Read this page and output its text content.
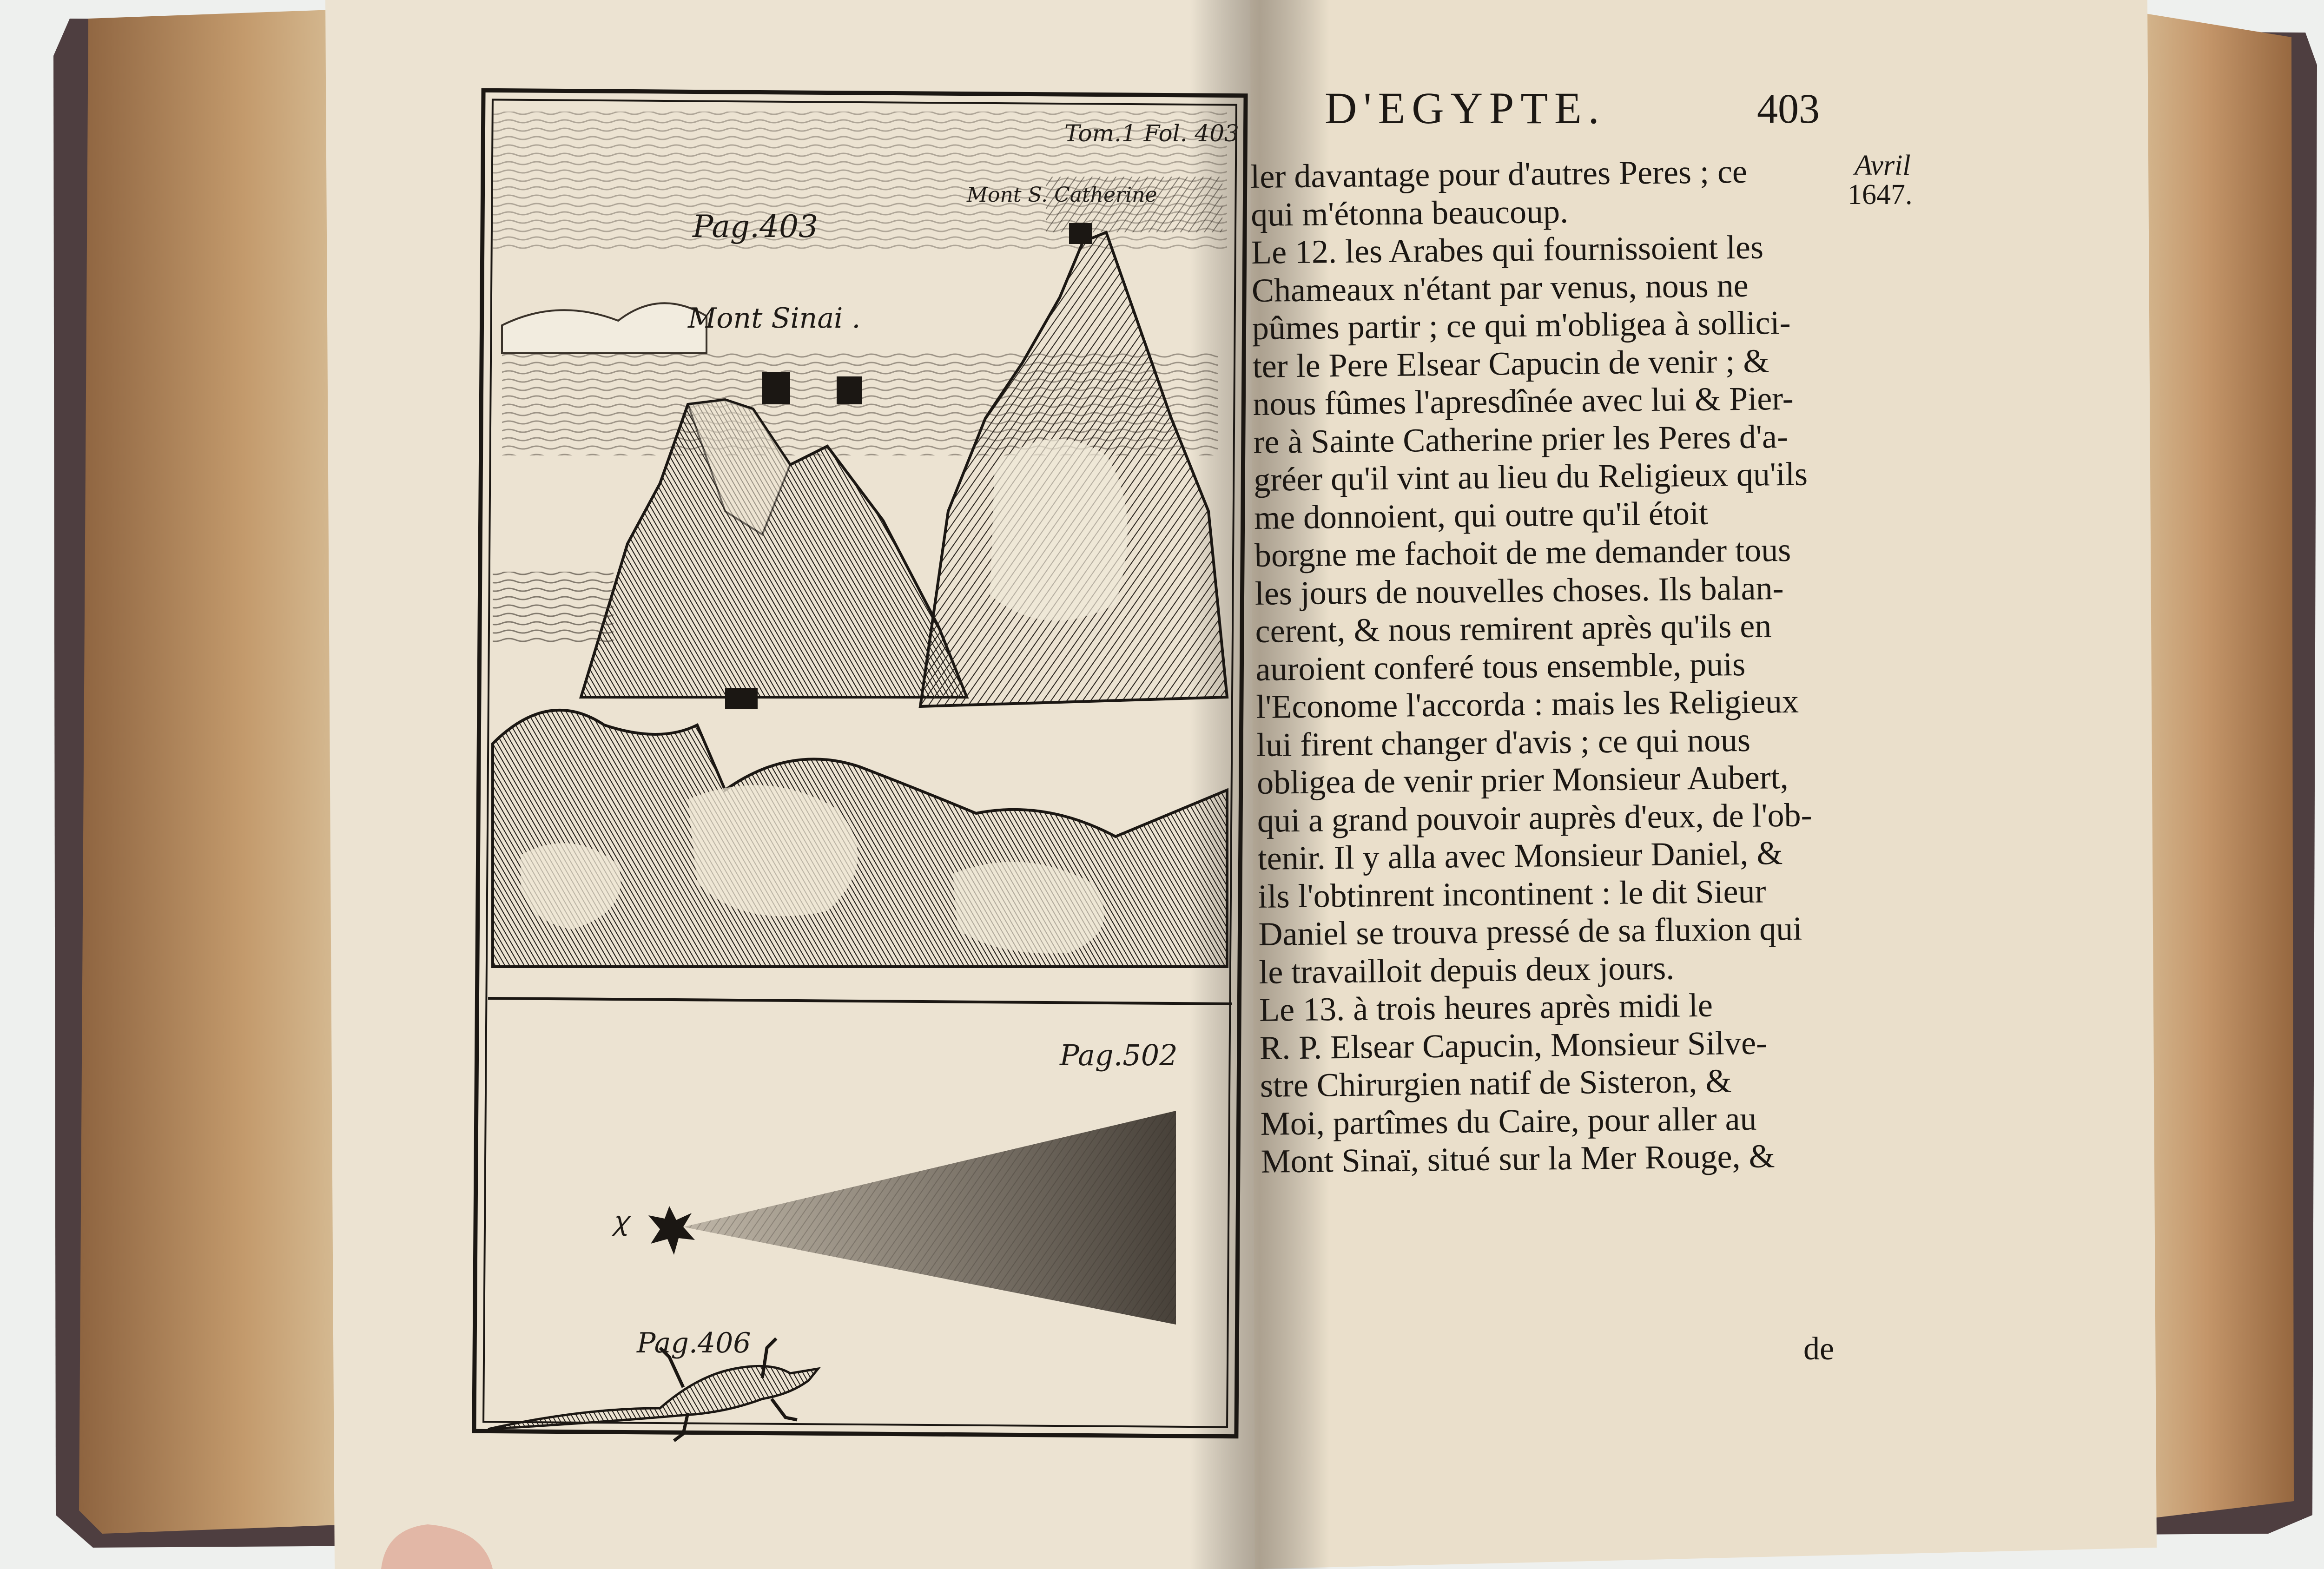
Tom.1 Fol. 403
Pag.403
Mont S. Catherine
Mont Sinai .
Pag.502
Pag.406
ꭓ
D'EGYPTE.	403
Avril
1647.
ler davantage pour d'autres Peres ; ce
qui m'étonna beaucoup.
Le 12. les Arabes qui fournissoient les
Chameaux n'étant par venus, nous ne
pûmes partir ; ce qui m'obligea à sollici-
ter le Pere Elsear Capucin de venir ; &
nous fûmes l'apresdînée avec lui & Pier-
re à Sainte Catherine prier les Peres d'a-
gréer qu'il vint au lieu du Religieux qu'ils
me donnoient, qui outre qu'il étoit
borgne me fachoit de me demander tous
les jours de nouvelles choses. Ils balan-
cerent, & nous remirent après qu'ils en
auroient conferé tous ensemble, puis
l'Econome l'accorda : mais les Religieux
lui firent changer d'avis ; ce qui nous
obligea de venir prier Monsieur Aubert,
qui a grand pouvoir auprès d'eux, de l'ob-
tenir. Il y alla avec Monsieur Daniel, &
ils l'obtinrent incontinent : le dit Sieur
Daniel se trouva pressé de sa fluxion qui
le travailloit depuis deux jours.
Le 13. à trois heures après midi le
R. P. Elsear Capucin, Monsieur Silve-
stre Chirurgien natif de Sisteron, &
Moi, partîmes du Caire, pour aller au
Mont Sinaï, situé sur la Mer Rouge, &
de
